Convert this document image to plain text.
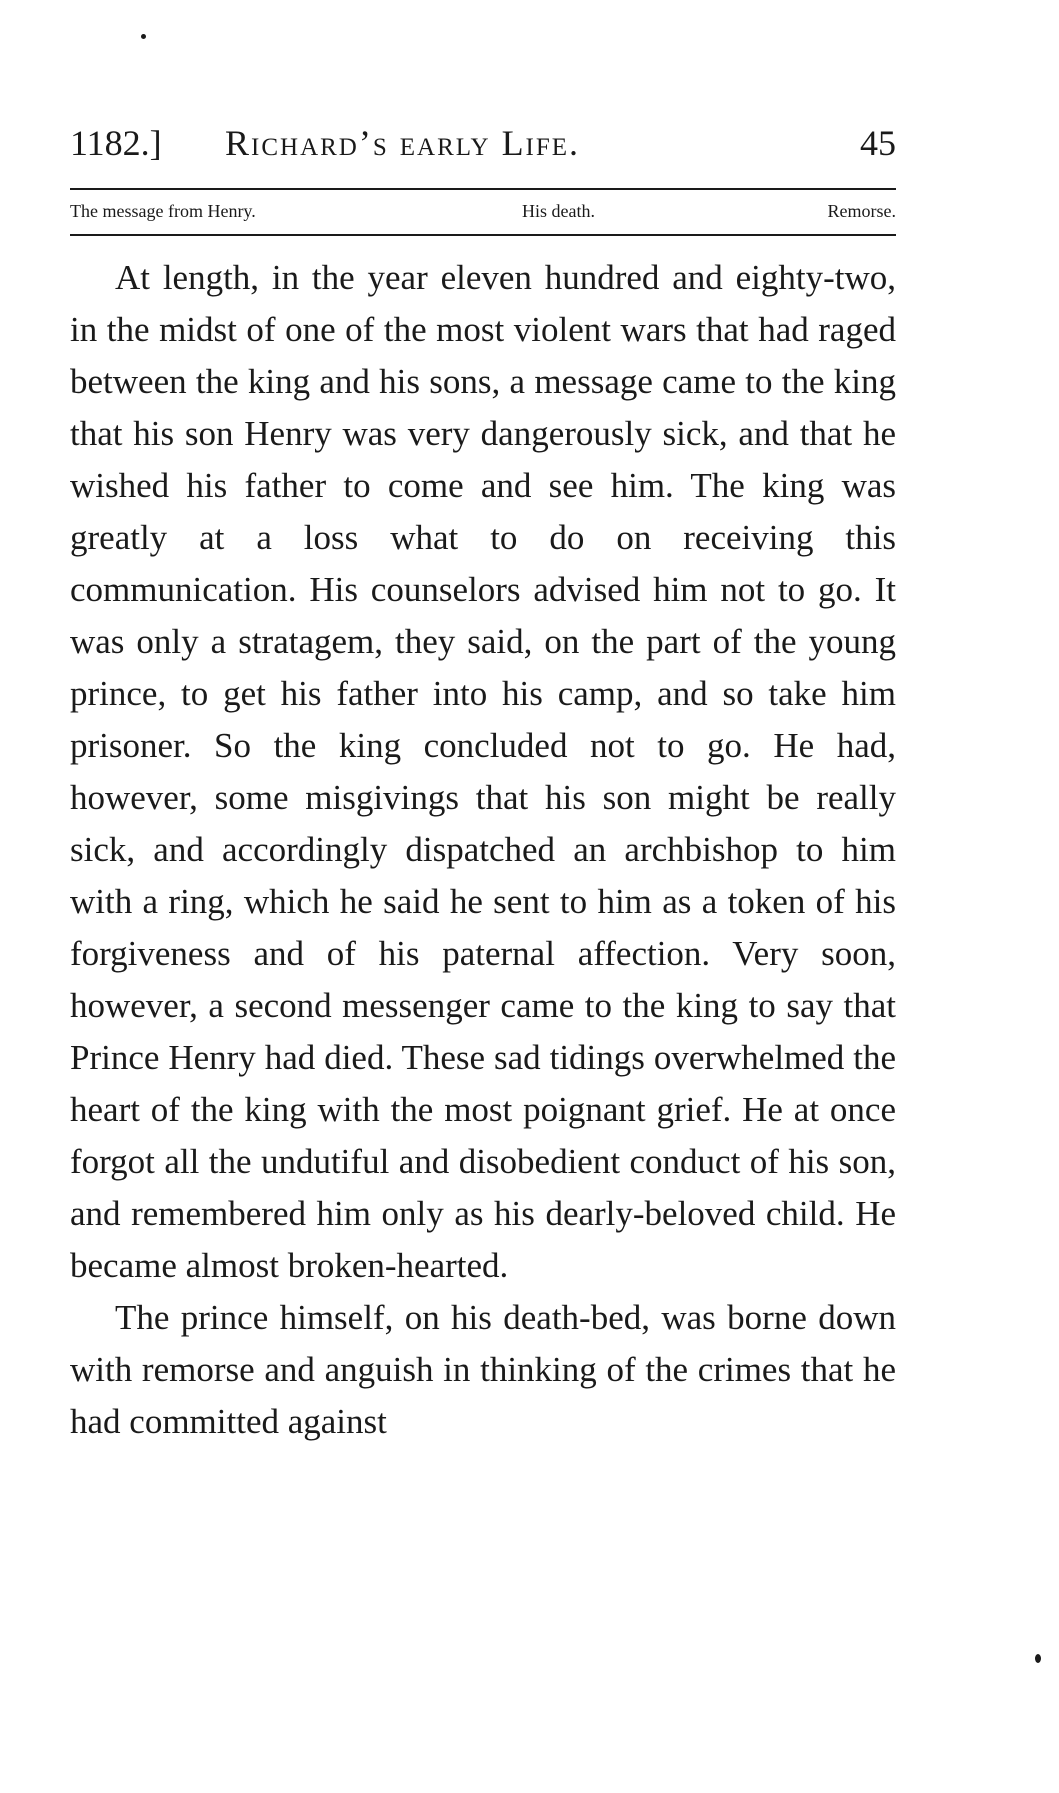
1182.] Richard’s early Life.	45
The message from Henry.	His death.	Remorse.

At length, in the year eleven hundred and eighty-two, in the midst of one of the most violent wars that had raged between the king and his sons, a message came to the king that his son Henry was very dangerously sick, and that he wished his father to come and see him. The king was greatly at a loss what to do on receiving this communication. His counselors advised him not to go. It was only a stratagem, they said, on the part of the young prince, to get his father into his camp, and so take him prisoner. So the king concluded not to go. He had, however, some misgivings that his son might be really sick, and accordingly dispatched an archbishop to him with a ring, which he said he sent to him as a token of his forgiveness and of his paternal affection. Very soon, however, a second messenger came to the king to say that Prince Henry had died. These sad tidings overwhelmed the heart of the king with the most poignant grief. He at once forgot all the undutiful and disobedient conduct of his son, and remembered him only as his dearly-beloved child. He became almost broken-hearted.

The prince himself, on his death-bed, was borne down with remorse and anguish in thinking of the crimes that he had committed against
